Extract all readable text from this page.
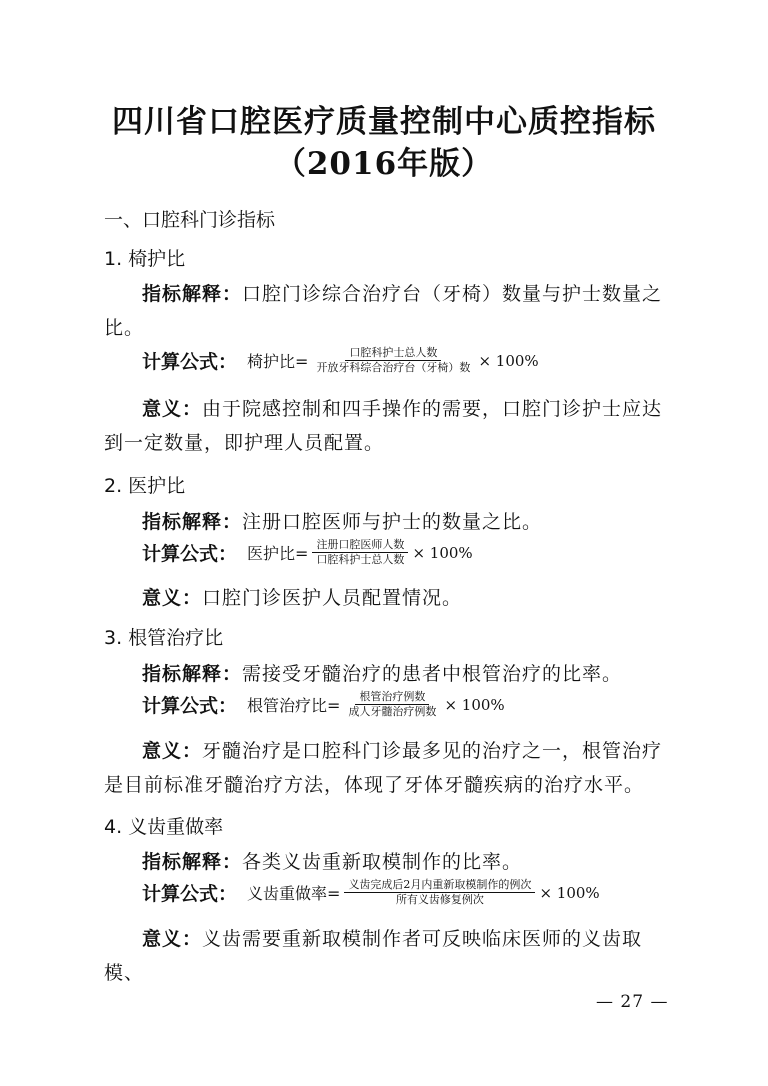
四川省口腔医疗质量控制中心质控指标
（2016年版）
一、口腔科门诊指标
1. 椅护比
指标解释：口腔门诊综合治疗台（牙椅）数量与护士数量之比。
计算公式： 椅护比= $\frac{\text{口腔科护士总人数}}{\text{开放牙科综合治疗台（牙椅）数}} \times 100\%$
意义：由于院感控制和四手操作的需要，口腔门诊护士应达到一定数量，即护理人员配置。
2. 医护比
指标解释：注册口腔医师与护士的数量之比。
计算公式： 医护比= $\frac{\text{注册口腔医师人数}}{\text{口腔科护士总人数}} \times 100\%$
意义：口腔门诊医护人员配置情况。
3. 根管治疗比
指标解释：需接受牙髓治疗的患者中根管治疗的比率。
计算公式： 根管治疗比= $\frac{\text{根管治疗例数}}{\text{成人牙髓治疗例数}} \times 100\%$
意义：牙髓治疗是口腔科门诊最多见的治疗之一，根管治疗是目前标准牙髓治疗方法，体现了牙体牙髓疾病的治疗水平。
4. 义齿重做率
指标解释：各类义齿重新取模制作的比率。
计算公式： 义齿重做率= $\frac{\text{义齿完成后2月内重新取模制作的例次}}{\text{所有义齿修复例次}} \times 100\%$
意义：义齿需要重新取模制作者可反映临床医师的义齿取模、
— 27 —
